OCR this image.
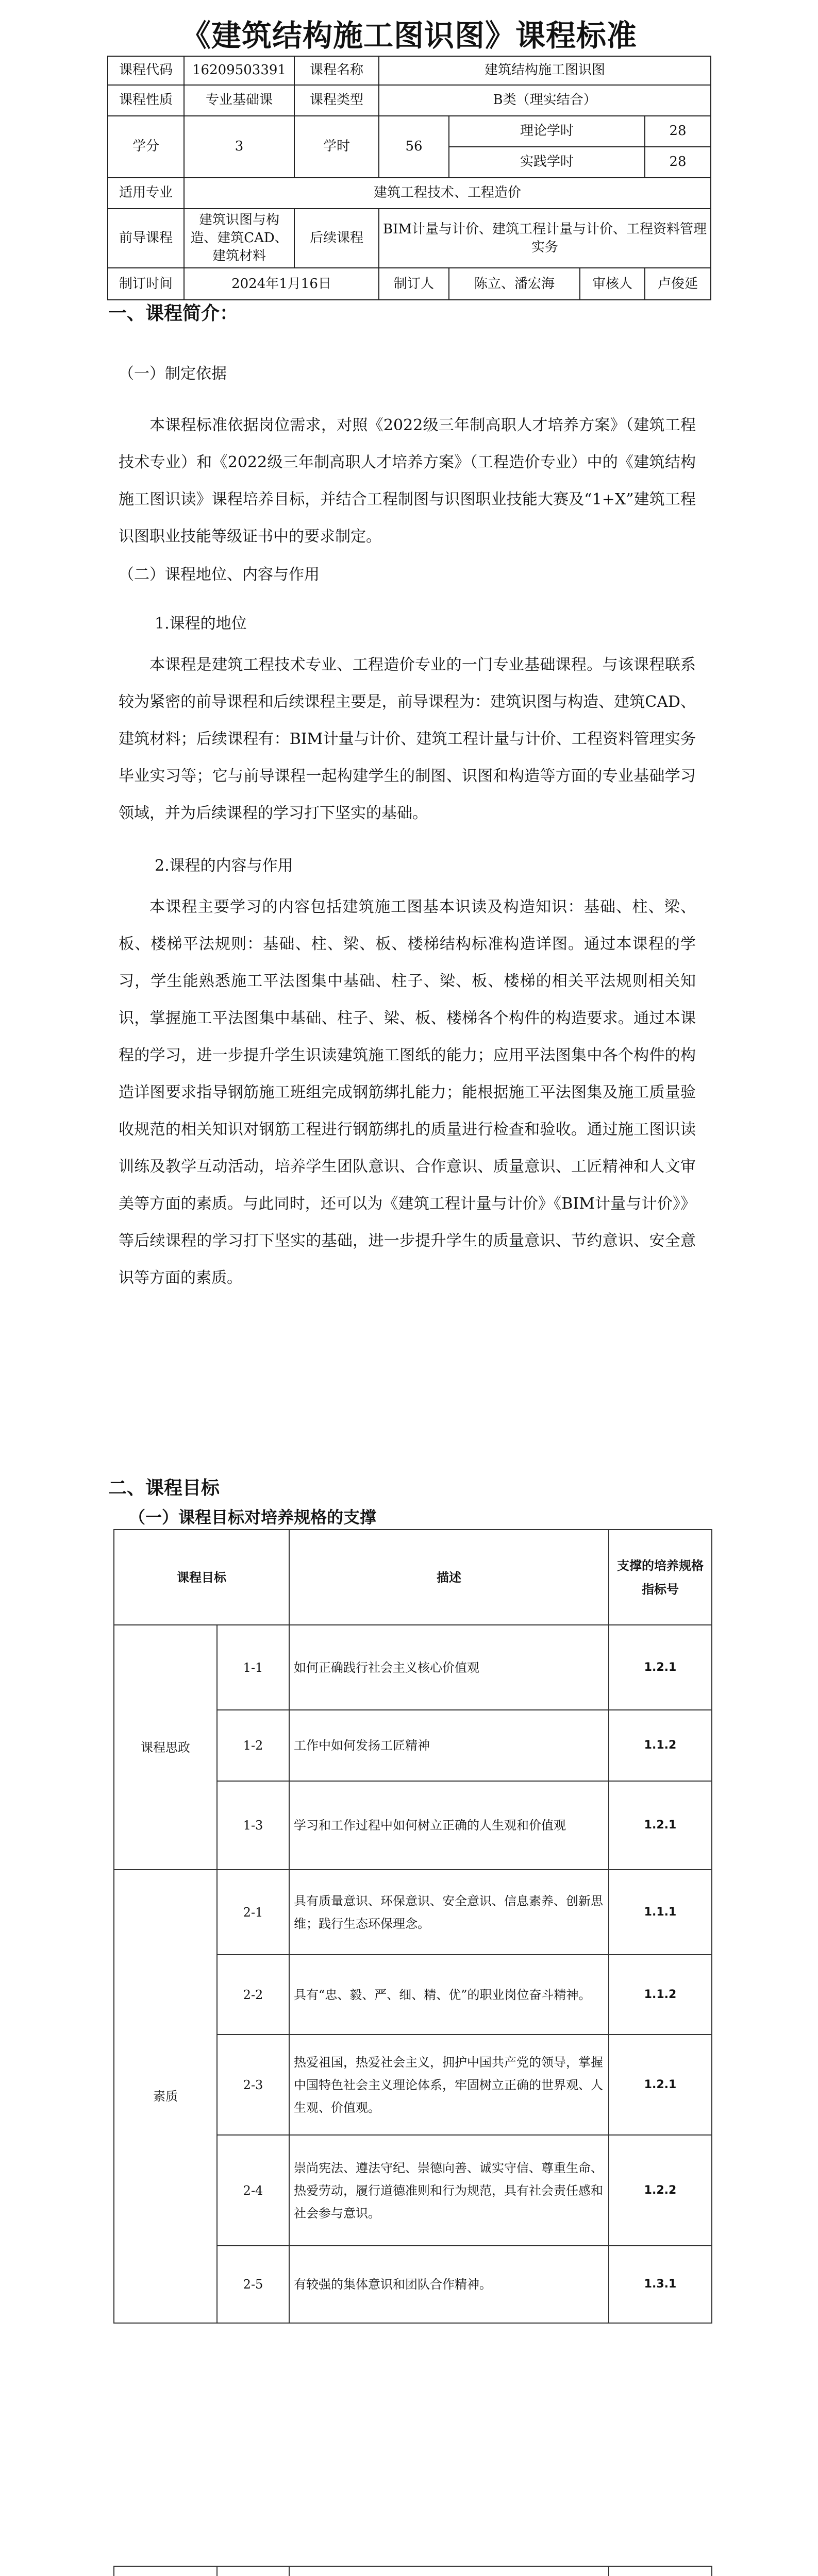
《建筑结构施工图识图》课程标准
课程代码	16209503391	课程名称	建筑结构施工图识图			
课程性质	专业基础课	课程类型	B类（理实结合）			
学分	3	学时	56	理论学时		28
				实践学时		28
适用专业	建筑工程技术、工程造价					
前导课程	建筑识图与构造、建筑CAD、建筑材料	后续课程	BIM计量与计价、建筑工程计量与计价、工程资料管理实务			
制订时间	2024年1月16日		制订人	陈立、潘宏海	审核人	卢俊延
一、课程简介：
（一）制定依据

本课程标准依据岗位需求，对照《2022级三年制高职人才培养方案》（建筑工程技术专业）和《2022级三年制高职人才培养方案》（工程造价专业）中的《建筑结构施工图识读》课程培养目标，并结合工程制图与识图职业技能大赛及“1+X”建筑工程识图职业技能等级证书中的要求制定。

（二）课程地位、内容与作用
1.课程的地位

本课程是建筑工程技术专业、工程造价专业的一门专业基础课程。与该课程联系较为紧密的前导课程和后续课程主要是，前导课程为：建筑识图与构造、建筑CAD、建筑材料；后续课程有：BIM计量与计价、建筑工程计量与计价、工程资料管理实务毕业实习等；它与前导课程一起构建学生的制图、识图和构造等方面的专业基础学习领域，并为后续课程的学习打下坚实的基础。

2.课程的内容与作用

本课程主要学习的内容包括建筑施工图基本识读及构造知识：基础、柱、梁、板、楼梯平法规则：基础、柱、梁、板、楼梯结构标准构造详图。通过本课程的学习，学生能熟悉施工平法图集中基础、柱子、梁、板、楼梯的相关平法规则相关知识，掌握施工平法图集中基础、柱子、梁、板、楼梯各个构件的构造要求。通过本课程的学习，进一步提升学生识读建筑施工图纸的能力；应用平法图集中各个构件的构造详图要求指导钢筋施工班组完成钢筋绑扎能力；能根据施工平法图集及施工质量验收规范的相关知识对钢筋工程进行钢筋绑扎的质量进行检查和验收。通过施工图识读训练及教学互动活动，培养学生团队意识、合作意识、质量意识、工匠精神和人文审美等方面的素质。与此同时，还可以为《建筑工程计量与计价》《BIM计量与计价》》等后续课程的学习打下坚实的基础，进一步提升学生的质量意识、节约意识、安全意识等方面的素质。

二、课程目标
（一）课程目标对培养规格的支撑
课程目标		描述	支撑的培养规格指标号
课程思政	1-1	如何正确践行社会主义核心价值观	1.2.1
	1-2	工作中如何发扬工匠精神	1.1.2
	1-3	学习和工作过程中如何树立正确的人生观和价值观	1.2.1
素质	2-1	具有质量意识、环保意识、安全意识、信息素养、创新思维；践行生态环保理念。	1.1.1
	2-2	具有“忠、毅、严、细、精、优”的职业岗位奋斗精神。	1.1.2
	2-3	热爱祖国，热爱社会主义，拥护中国共产党的领导，掌握中国特色社会主义理论体系，牢固树立正确的世界观、人生观、价值观。	1.2.1
	2-4	崇尚宪法、遵法守纪、崇德向善、诚实守信、尊重生命、热爱劳动，履行道德准则和行为规范，具有社会责任感和社会参与意识。	1.2.2
	2-5	有较强的集体意识和团队合作精神。	1.3.1
